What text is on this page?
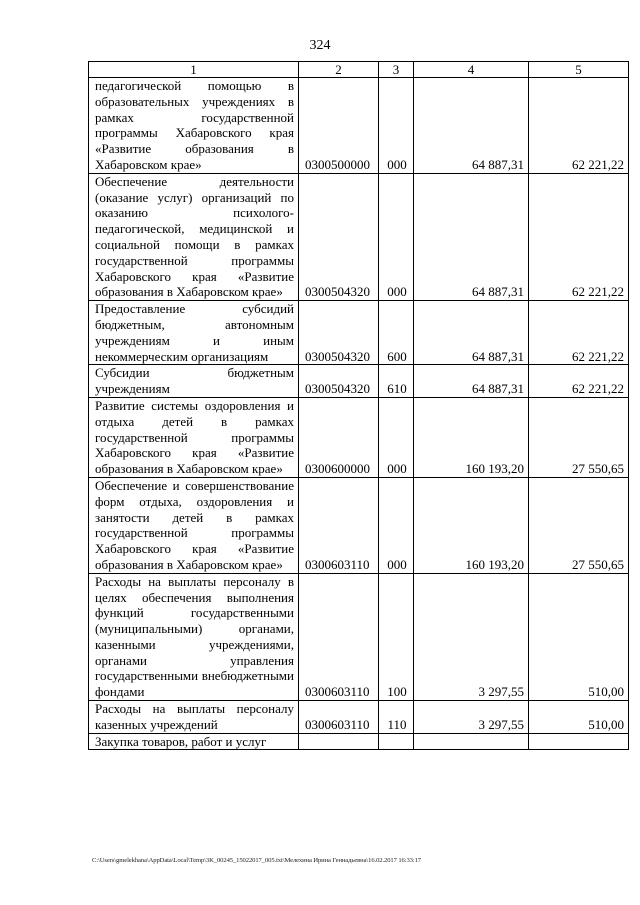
324
1	2	3	4	5
педагогической помощью в образовательных учреждениях в рамках государственной программы Хабаровского края «Развитие образования в Хабаровском крае»	0300500000	000	64 887,31	62 221,22
Обеспечение деятельности (оказание услуг) организаций по оказанию психолого-педагогической, медицинской и социальной помощи в рамках государственной программы Хабаровского края «Развитие образования в Хабаровском крае»	0300504320	000	64 887,31	62 221,22
Предоставление субсидий бюджетным, автономным учреждениям и иным некоммерческим организациям	0300504320	600	64 887,31	62 221,22
Субсидии бюджетным учреждениям	0300504320	610	64 887,31	62 221,22
Развитие системы оздоровления и отдыха детей в рамках государственной программы Хабаровского края «Развитие образования в Хабаровском крае»	0300600000	000	160 193,20	27 550,65
Обеспечение и совершенствование форм отдыха, оздоровления и занятости детей в рамках государственной программы Хабаровского края «Развитие образования в Хабаровском крае»	0300603110	000	160 193,20	27 550,65
Расходы на выплаты персоналу в целях обеспечения выполнения функций государственными (муниципальными) органами, казенными учреждениями, органами управления государственными внебюджетными фондами	0300603110	100	3 297,55	510,00
Расходы на выплаты персоналу казенных учреждений	0300603110	110	3 297,55	510,00
Закупка товаров, работ и услуг				
C:\Users\gmelekhana\AppData\Local\Temp\3K_00245_15022017_005.txt\Мелехина Ирина Геннадьевна\16.02.2017 16:33:17
